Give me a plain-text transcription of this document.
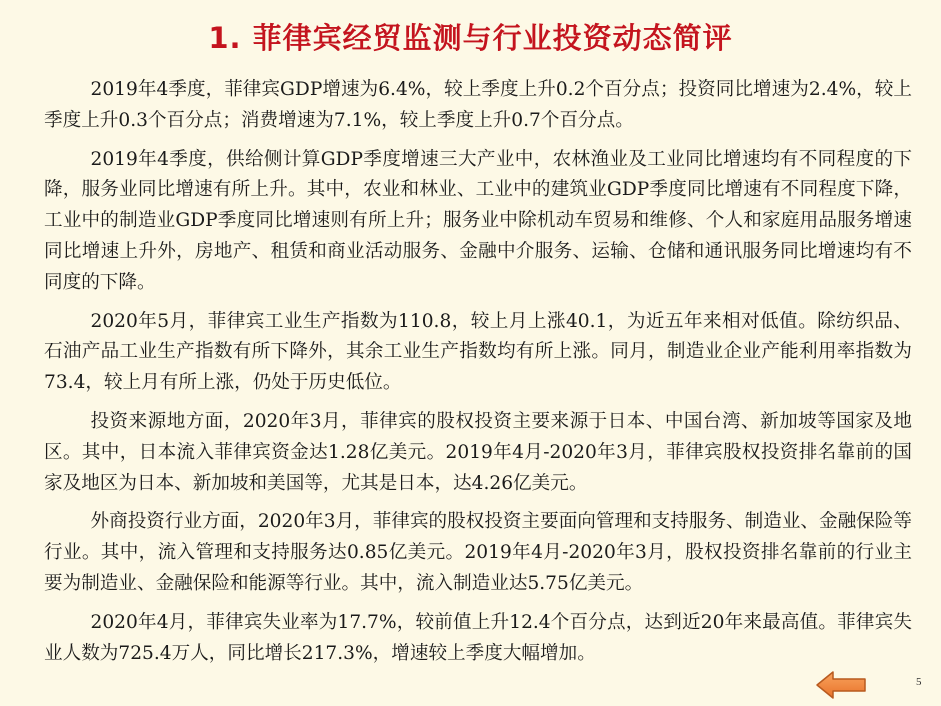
1. 菲律宾经贸监测与行业投资动态简评

2019年4季度，菲律宾GDP增速为6.4%，较上季度上升0.2个百分点；投资同比增速为2.4%，较上季度上升0.3个百分点；消费增速为7.1%，较上季度上升0.7个百分点。

2019年4季度，供给侧计算GDP季度增速三大产业中，农林渔业及工业同比增速均有不同程度的下降，服务业同比增速有所上升。其中，农业和林业、工业中的建筑业GDP季度同比增速有不同程度下降，工业中的制造业GDP季度同比增速则有所上升；服务业中除机动车贸易和维修、个人和家庭用品服务增速同比增速上升外，房地产、租赁和商业活动服务、金融中介服务、运输、仓储和通讯服务同比增速均有不同度的下降。

2020年5月，菲律宾工业生产指数为110.8，较上月上涨40.1，为近五年来相对低值。除纺织品、石油产品工业生产指数有所下降外，其余工业生产指数均有所上涨。同月，制造业企业产能利用率指数为73.4，较上月有所上涨，仍处于历史低位。

投资来源地方面，2020年3月，菲律宾的股权投资主要来源于日本、中国台湾、新加坡等国家及地区。其中，日本流入菲律宾资金达1.28亿美元。2019年4月-2020年3月，菲律宾股权投资排名靠前的国家及地区为日本、新加坡和美国等，尤其是日本，达4.26亿美元。

外商投资行业方面，2020年3月，菲律宾的股权投资主要面向管理和支持服务、制造业、金融保险等行业。其中，流入管理和支持服务达0.85亿美元。2019年4月-2020年3月，股权投资排名靠前的行业主要为制造业、金融保险和能源等行业。其中，流入制造业达5.75亿美元。

2020年4月，菲律宾失业率为17.7%，较前值上升12.4个百分点，达到近20年来最高值。菲律宾失业人数为725.4万人，同比增长217.3%，增速较上季度大幅增加。

5
